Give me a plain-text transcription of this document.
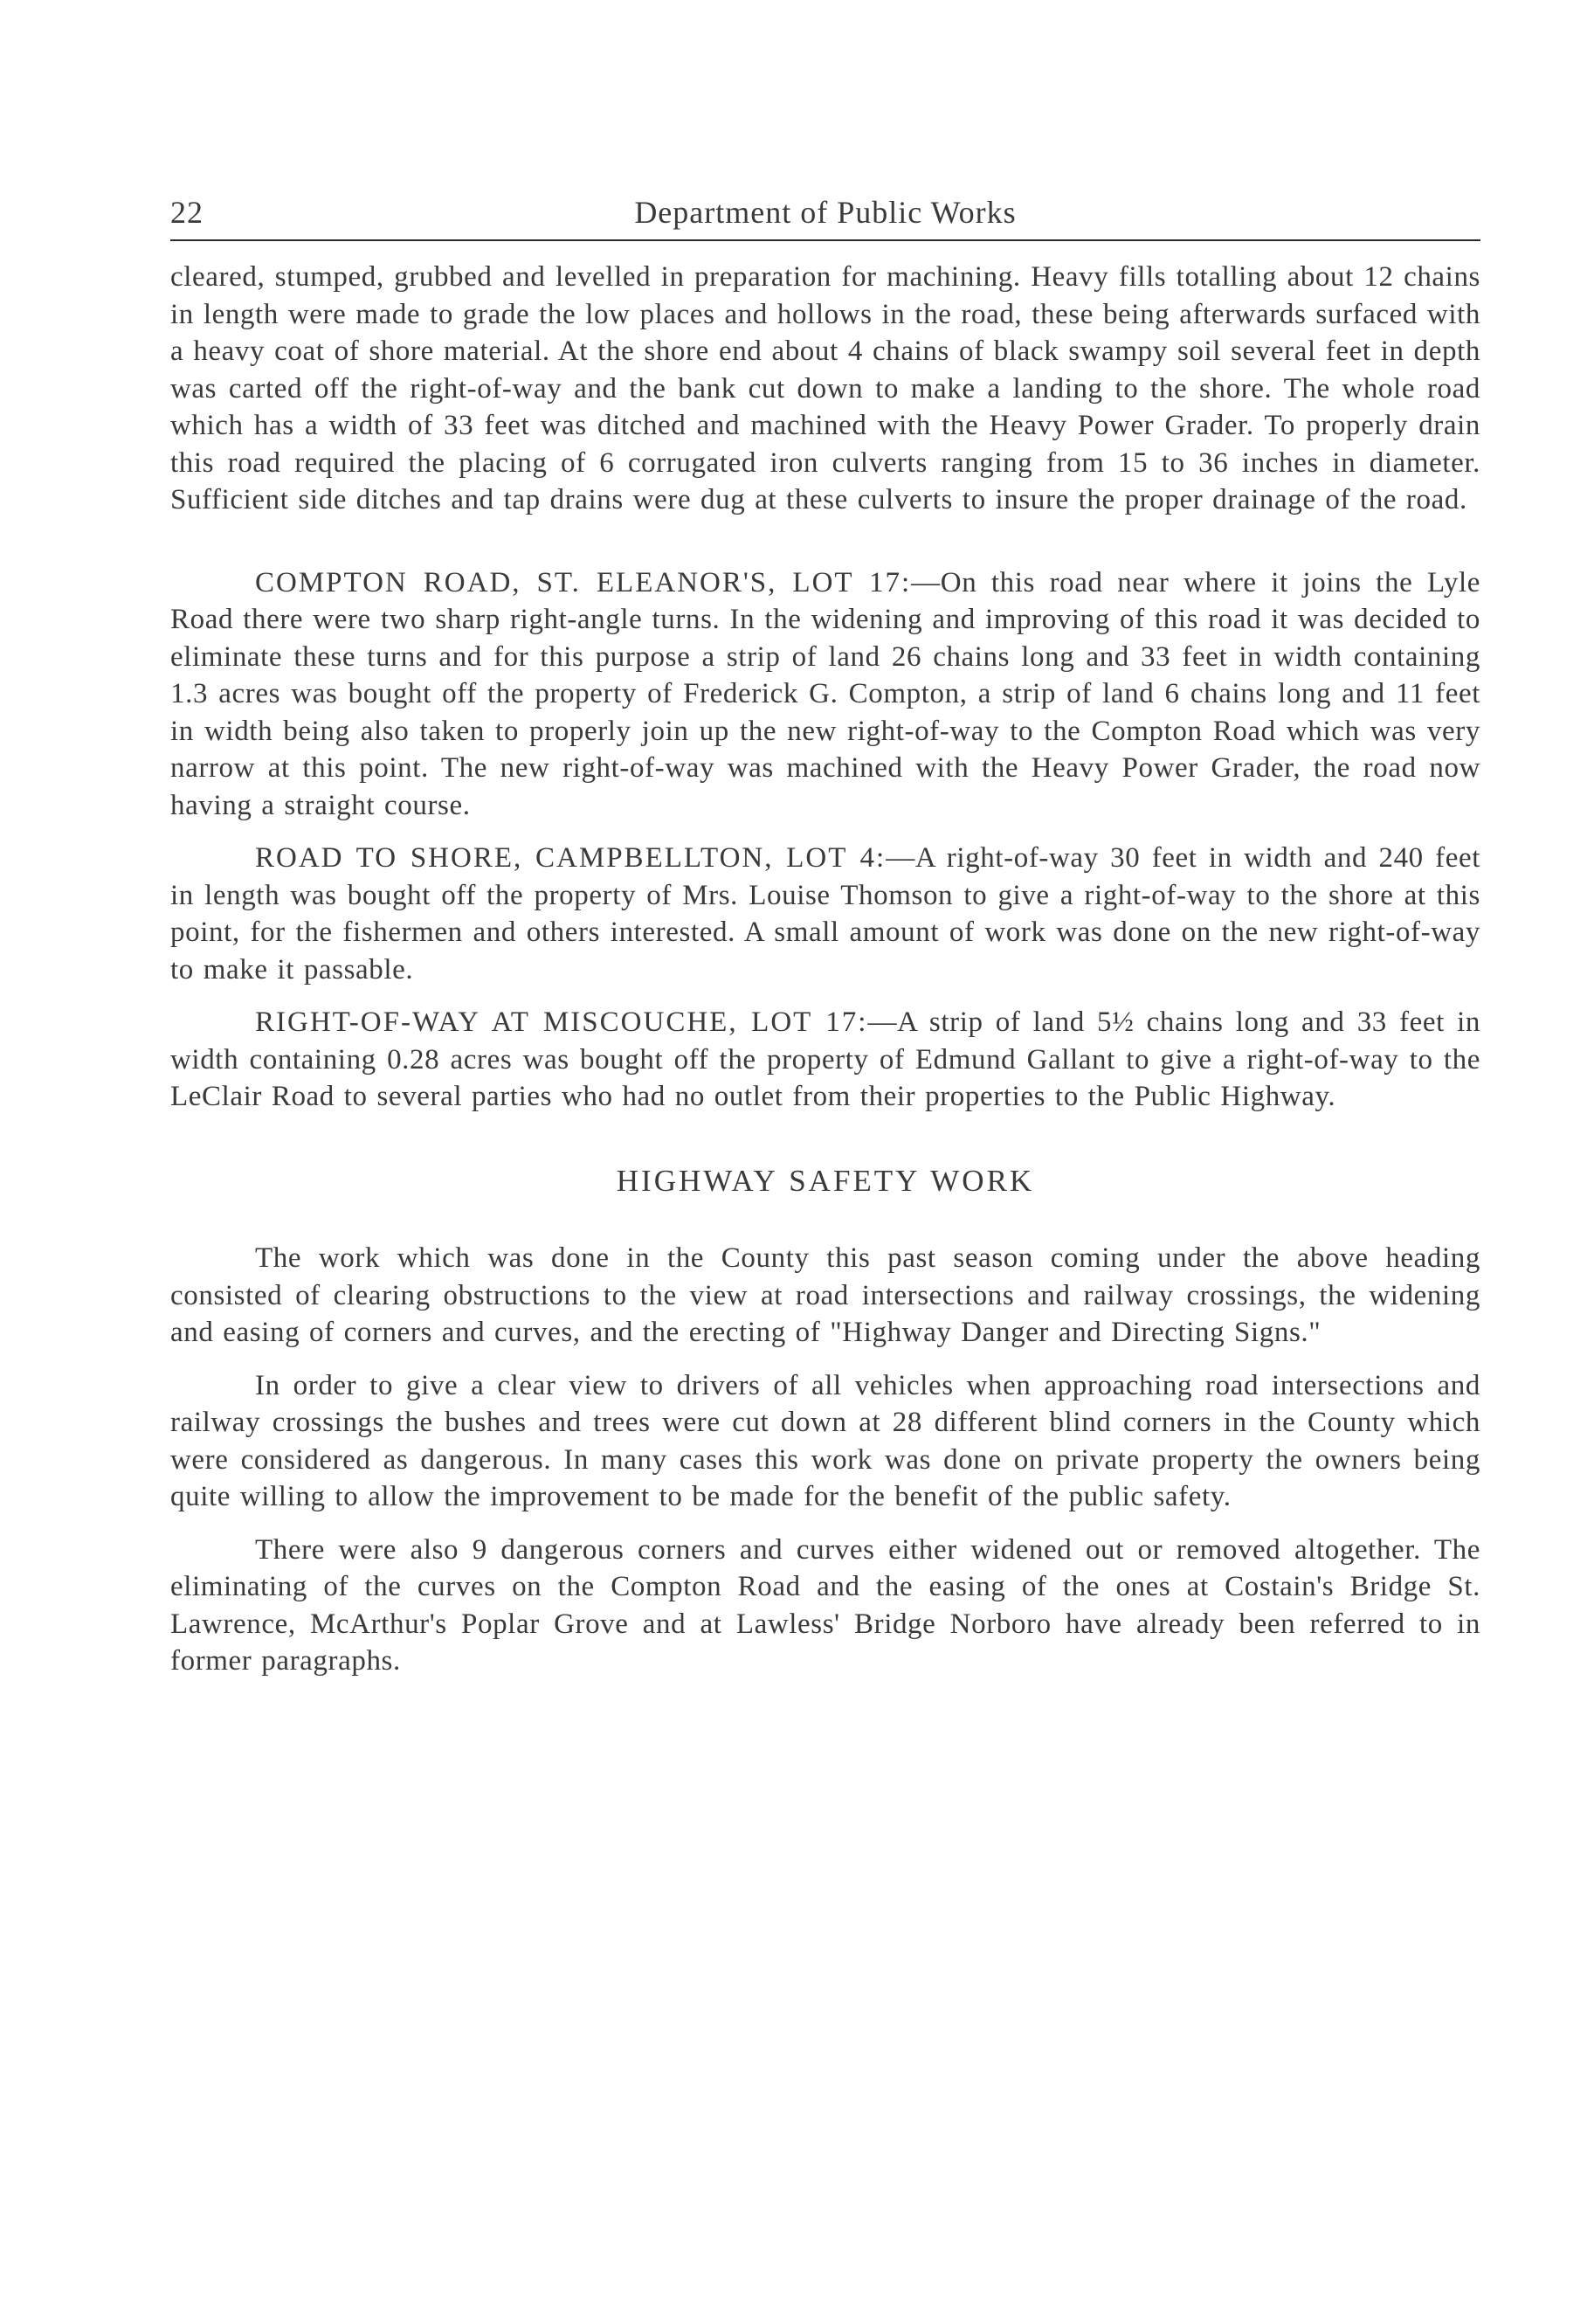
22	Department of Public Works

cleared, stumped, grubbed and levelled in preparation for machining. Heavy fills totalling about 12 chains in length were made to grade the low places and hollows in the road, these being afterwards surfaced with a heavy coat of shore material. At the shore end about 4 chains of black swampy soil several feet in depth was carted off the right-of-way and the bank cut down to make a landing to the shore. The whole road which has a width of 33 feet was ditched and machined with the Heavy Power Grader. To properly drain this road required the placing of 6 corrugated iron culverts ranging from 15 to 36 inches in diameter. Sufficient side ditches and tap drains were dug at these culverts to insure the proper drainage of the road.

COMPTON ROAD, ST. ELEANOR'S, LOT 17:—On this road near where it joins the Lyle Road there were two sharp right-angle turns. In the widening and improving of this road it was decided to eliminate these turns and for this purpose a strip of land 26 chains long and 33 feet in width containing 1.3 acres was bought off the property of Frederick G. Compton, a strip of land 6 chains long and 11 feet in width being also taken to properly join up the new right-of-way to the Compton Road which was very narrow at this point. The new right-of-way was machined with the Heavy Power Grader, the road now having a straight course.

ROAD TO SHORE, CAMPBELLTON, LOT 4:—A right-of-way 30 feet in width and 240 feet in length was bought off the property of Mrs. Louise Thomson to give a right-of-way to the shore at this point, for the fishermen and others interested. A small amount of work was done on the new right-of-way to make it passable.

RIGHT-OF-WAY AT MISCOUCHE, LOT 17:—A strip of land 5½ chains long and 33 feet in width containing 0.28 acres was bought off the property of Edmund Gallant to give a right-of-way to the LeClair Road to several parties who had no outlet from their properties to the Public Highway.

HIGHWAY SAFETY WORK

The work which was done in the County this past season coming under the above heading consisted of clearing obstructions to the view at road intersections and railway crossings, the widening and easing of corners and curves, and the erecting of "Highway Danger and Directing Signs."

In order to give a clear view to drivers of all vehicles when approaching road intersections and railway crossings the bushes and trees were cut down at 28 different blind corners in the County which were considered as dangerous. In many cases this work was done on private property the owners being quite willing to allow the improvement to be made for the benefit of the public safety.

There were also 9 dangerous corners and curves either widened out or removed altogether. The eliminating of the curves on the Compton Road and the easing of the ones at Costain's Bridge St. Lawrence, McArthur's Poplar Grove and at Lawless' Bridge Norboro have already been referred to in former paragraphs.
